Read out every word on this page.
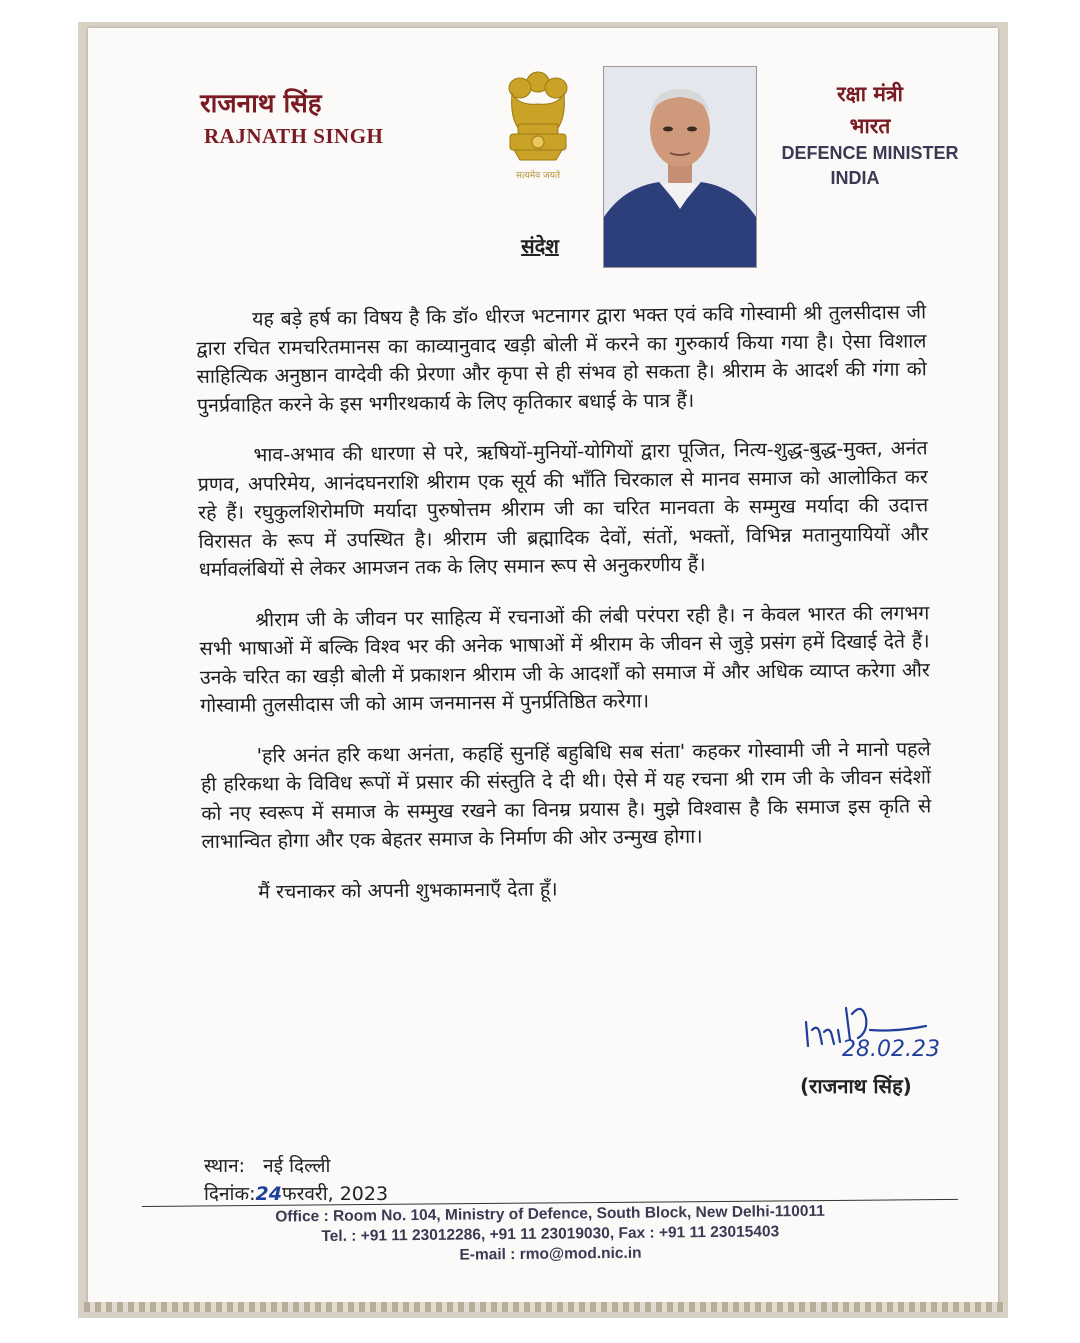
राजनाथ सिंह
RAJNATH SINGH
सत्यमेव जयते
रक्षा मंत्री
भारत
DEFENCE MINISTER
INDIA
संदेश

यह बड़े हर्ष का विषय है कि डॉ० धीरज भटनागर द्वारा भक्त एवं कवि गोस्वामी श्री तुलसीदास जी द्वारा रचित रामचरितमानस का काव्यानुवाद खड़ी बोली में करने का गुरुकार्य किया गया है। ऐसा विशाल साहित्यिक अनुष्ठान वाग्देवी की प्रेरणा और कृपा से ही संभव हो सकता है। श्रीराम के आदर्श की गंगा को पुनर्प्रवाहित करने के इस भगीरथकार्य के लिए कृतिकार बधाई के पात्र हैं।

भाव-अभाव की धारणा से परे, ऋषियों-मुनियों-योगियों द्वारा पूजित, नित्य-शुद्ध-बुद्ध-मुक्त, अनंत प्रणव, अपरिमेय, आनंदघनराशि श्रीराम एक सूर्य की भाँति चिरकाल से मानव समाज को आलोकित कर रहे हैं। रघुकुलशिरोमणि मर्यादा पुरुषोत्तम श्रीराम जी का चरित मानवता के सम्मुख मर्यादा की उदात्त विरासत के रूप में उपस्थित है। श्रीराम जी ब्रह्मादिक देवों, संतों, भक्तों, विभिन्न मतानुयायियों और धर्मावलंबियों से लेकर आमजन तक के लिए समान रूप से अनुकरणीय हैं।

श्रीराम जी के जीवन पर साहित्य में रचनाओं की लंबी परंपरा रही है। न केवल भारत की लगभग सभी भाषाओं में बल्कि विश्व भर की अनेक भाषाओं में श्रीराम के जीवन से जुड़े प्रसंग हमें दिखाई देते हैं। उनके चरित का खड़ी बोली में प्रकाशन श्रीराम जी के आदर्शों को समाज में और अधिक व्याप्त करेगा और गोस्वामी तुलसीदास जी को आम जनमानस में पुनर्प्रतिष्ठित करेगा।

'हरि अनंत हरि कथा अनंता, कहहिं सुनहिं बहुबिधि सब संता' कहकर गोस्वामी जी ने मानो पहले ही हरिकथा के विविध रूपों में प्रसार की संस्तुति दे दी थी। ऐसे में यह रचना श्री राम जी के जीवन संदेशों को नए स्वरूप में समाज के सम्मुख रखने का विनम्र प्रयास है। मुझे विश्वास है कि समाज इस कृति से लाभान्वित होगा और एक बेहतर समाज के निर्माण की ओर उन्मुख होगा।

मैं रचनाकर को अपनी शुभकामनाएँ देता हूँ।

28.02.23
(राजनाथ सिंह)
स्थान: नई दिल्ली
दिनांक:24फरवरी, 2023
Office : Room No. 104, Ministry of Defence, South Block, New Delhi-110011
Tel. : +91 11 23012286, +91 11 23019030, Fax : +91 11 23015403
E-mail : rmo@mod.nic.in
